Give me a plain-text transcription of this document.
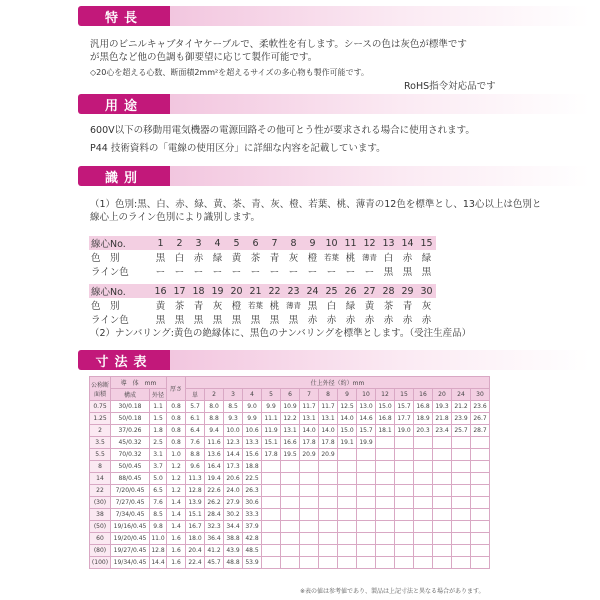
特長
汎用のビニルキャブタイヤケーブルで、柔軟性を有します。シースの色は灰色が標準です
が黒色など他の色調も御要望に応じて製作可能です。
◇20心を超える心数、断面積2mm²を超えるサイズの多心物も製作可能です。
RoHS指令対応品です
用途
600V以下の移動用電気機器の電源回路その他可とう性が要求される場合に使用されます。
P44 技術資料の「電線の使用区分」に詳細な内容を記載しています。
識別
（1）色別:黒、白、赤、緑、黄、茶、青、灰、橙、若葉、桃、薄青の12色を標準とし、13心以上は色別と
線心上のライン色別により識別します。
線心No.	1	2	3	4	5	6	7	8	9	10	11	12	13	14	15
色　別	黒	白	赤	緑	黄	茶	青	灰	橙	若葉	桃	薄青	白	赤	緑
ライン色	ー	ー	ー	ー	ー	ー	ー	ー	ー	ー	ー	ー	黒	黒	黒
線心No.	16	17	18	19	20	21	22	23	24	25	26	27	28	29	30
色　別	黄	茶	青	灰	橙	若葉	桃	薄青	黒	白	緑	黄	茶	青	灰
ライン色	黒	黒	黒	黒	黒	黒	黒	黒	赤	赤	赤	赤	赤	赤	赤
（2）ナンバリング:黄色の絶縁体に、黒色のナンバリングを標準とします。（受注生産品）
寸法表
公称断面積	導　体　mm		厚さ	仕上外径（約）mm															
	構成	外径		単	2	3	4	5	6	7	8	9	10	12	15	16	20	24	30
0.75	30/0.18	1.1	0.8	5.7	8.0	8.5	9.0	9.9	10.9	11.7	11.7	12.5	13.0	15.0	15.7	16.8	19.3	21.2	23.6
1.25	50/0.18	1.5	0.8	6.1	8.8	9.3	9.9	11.1	12.2	13.1	13.1	14.0	14.6	16.8	17.7	18.9	21.8	23.9	26.7
2	37/0.26	1.8	0.8	6.4	9.4	10.0	10.6	11.9	13.1	14.0	14.0	15.0	15.7	18.1	19.0	20.3	23.4	25.7	28.7
3.5	45/0.32	2.5	0.8	7.6	11.6	12.3	13.3	15.1	16.6	17.8	17.8	19.1	19.9						
5.5	70/0.32	3.1	1.0	8.8	13.6	14.4	15.6	17.8	19.5	20.9	20.9								
8	50/0.45	3.7	1.2	9.6	16.4	17.3	18.8												
14	88/0.45	5.0	1.2	11.3	19.4	20.6	22.5												
22	7/20/0.45	6.5	1.2	12.8	22.6	24.0	26.3												
(30)	7/27/0.45	7.6	1.4	13.9	26.2	27.9	30.6												
38	7/34/0.45	8.5	1.4	15.1	28.4	30.2	33.3												
(50)	19/16/0.45	9.8	1.4	16.7	32.3	34.4	37.9												
60	19/20/0.45	11.0	1.6	18.0	36.4	38.8	42.8												
(80)	19/27/0.45	12.8	1.6	20.4	41.2	43.9	48.5												
(100)	19/34/0.45	14.4	1.6	22.4	45.7	48.8	53.9												
※表の値は参考値であり、製品は上記寸法と異なる場合があります。
